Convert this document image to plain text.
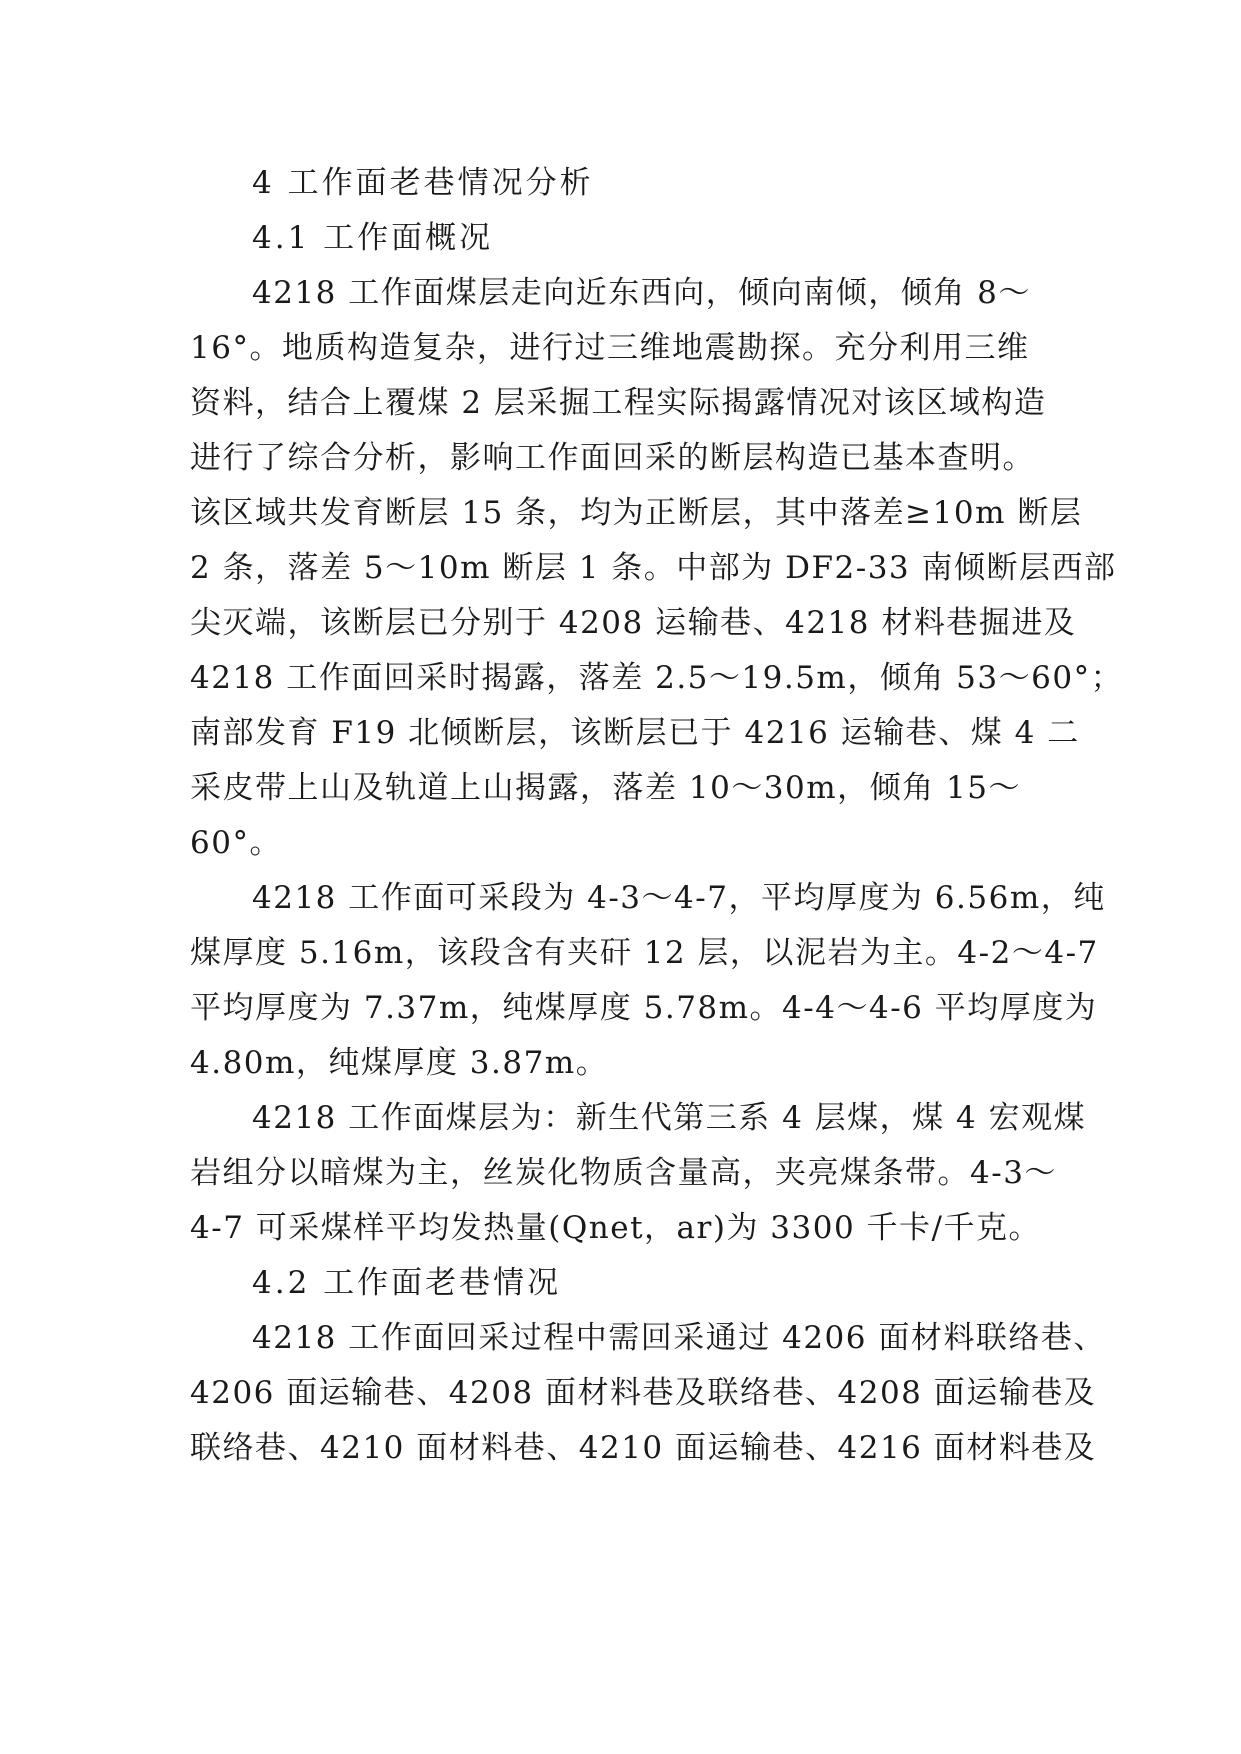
4 工作面老巷情况分析
4.1 工作面概况
4218 工作面煤层走向近东西向，倾向南倾，倾角 8～
16°。地质构造复杂，进行过三维地震勘探。充分利用三维
资料，结合上覆煤 2 层采掘工程实际揭露情况对该区域构造
进行了综合分析，影响工作面回采的断层构造已基本查明。
该区域共发育断层 15 条，均为正断层，其中落差≥10m 断层
2 条，落差 5～10m 断层 1 条。中部为 DF2-33 南倾断层西部
尖灭端，该断层已分别于 4208 运输巷、4218 材料巷掘进及
4218 工作面回采时揭露，落差 2.5～19.5m，倾角 53～60°；
南部发育 F19 北倾断层，该断层已于 4216 运输巷、煤 4 二
采皮带上山及轨道上山揭露，落差 10～30m，倾角 15～
60°。
4218 工作面可采段为 4-3～4-7，平均厚度为 6.56m，纯
煤厚度 5.16m，该段含有夹矸 12 层，以泥岩为主。4-2～4-7
平均厚度为 7.37m，纯煤厚度 5.78m。4-4～4-6 平均厚度为
4.80m，纯煤厚度 3.87m。
4218 工作面煤层为：新生代第三系 4 层煤，煤 4 宏观煤
岩组分以暗煤为主，丝炭化物质含量高，夹亮煤条带。4-3～
4-7 可采煤样平均发热量(Qnet，ar)为 3300 千卡/千克。
4.2 工作面老巷情况
4218 工作面回采过程中需回采通过 4206 面材料联络巷、
4206 面运输巷、4208 面材料巷及联络巷、4208 面运输巷及
联络巷、4210 面材料巷、4210 面运输巷、4216 面材料巷及
